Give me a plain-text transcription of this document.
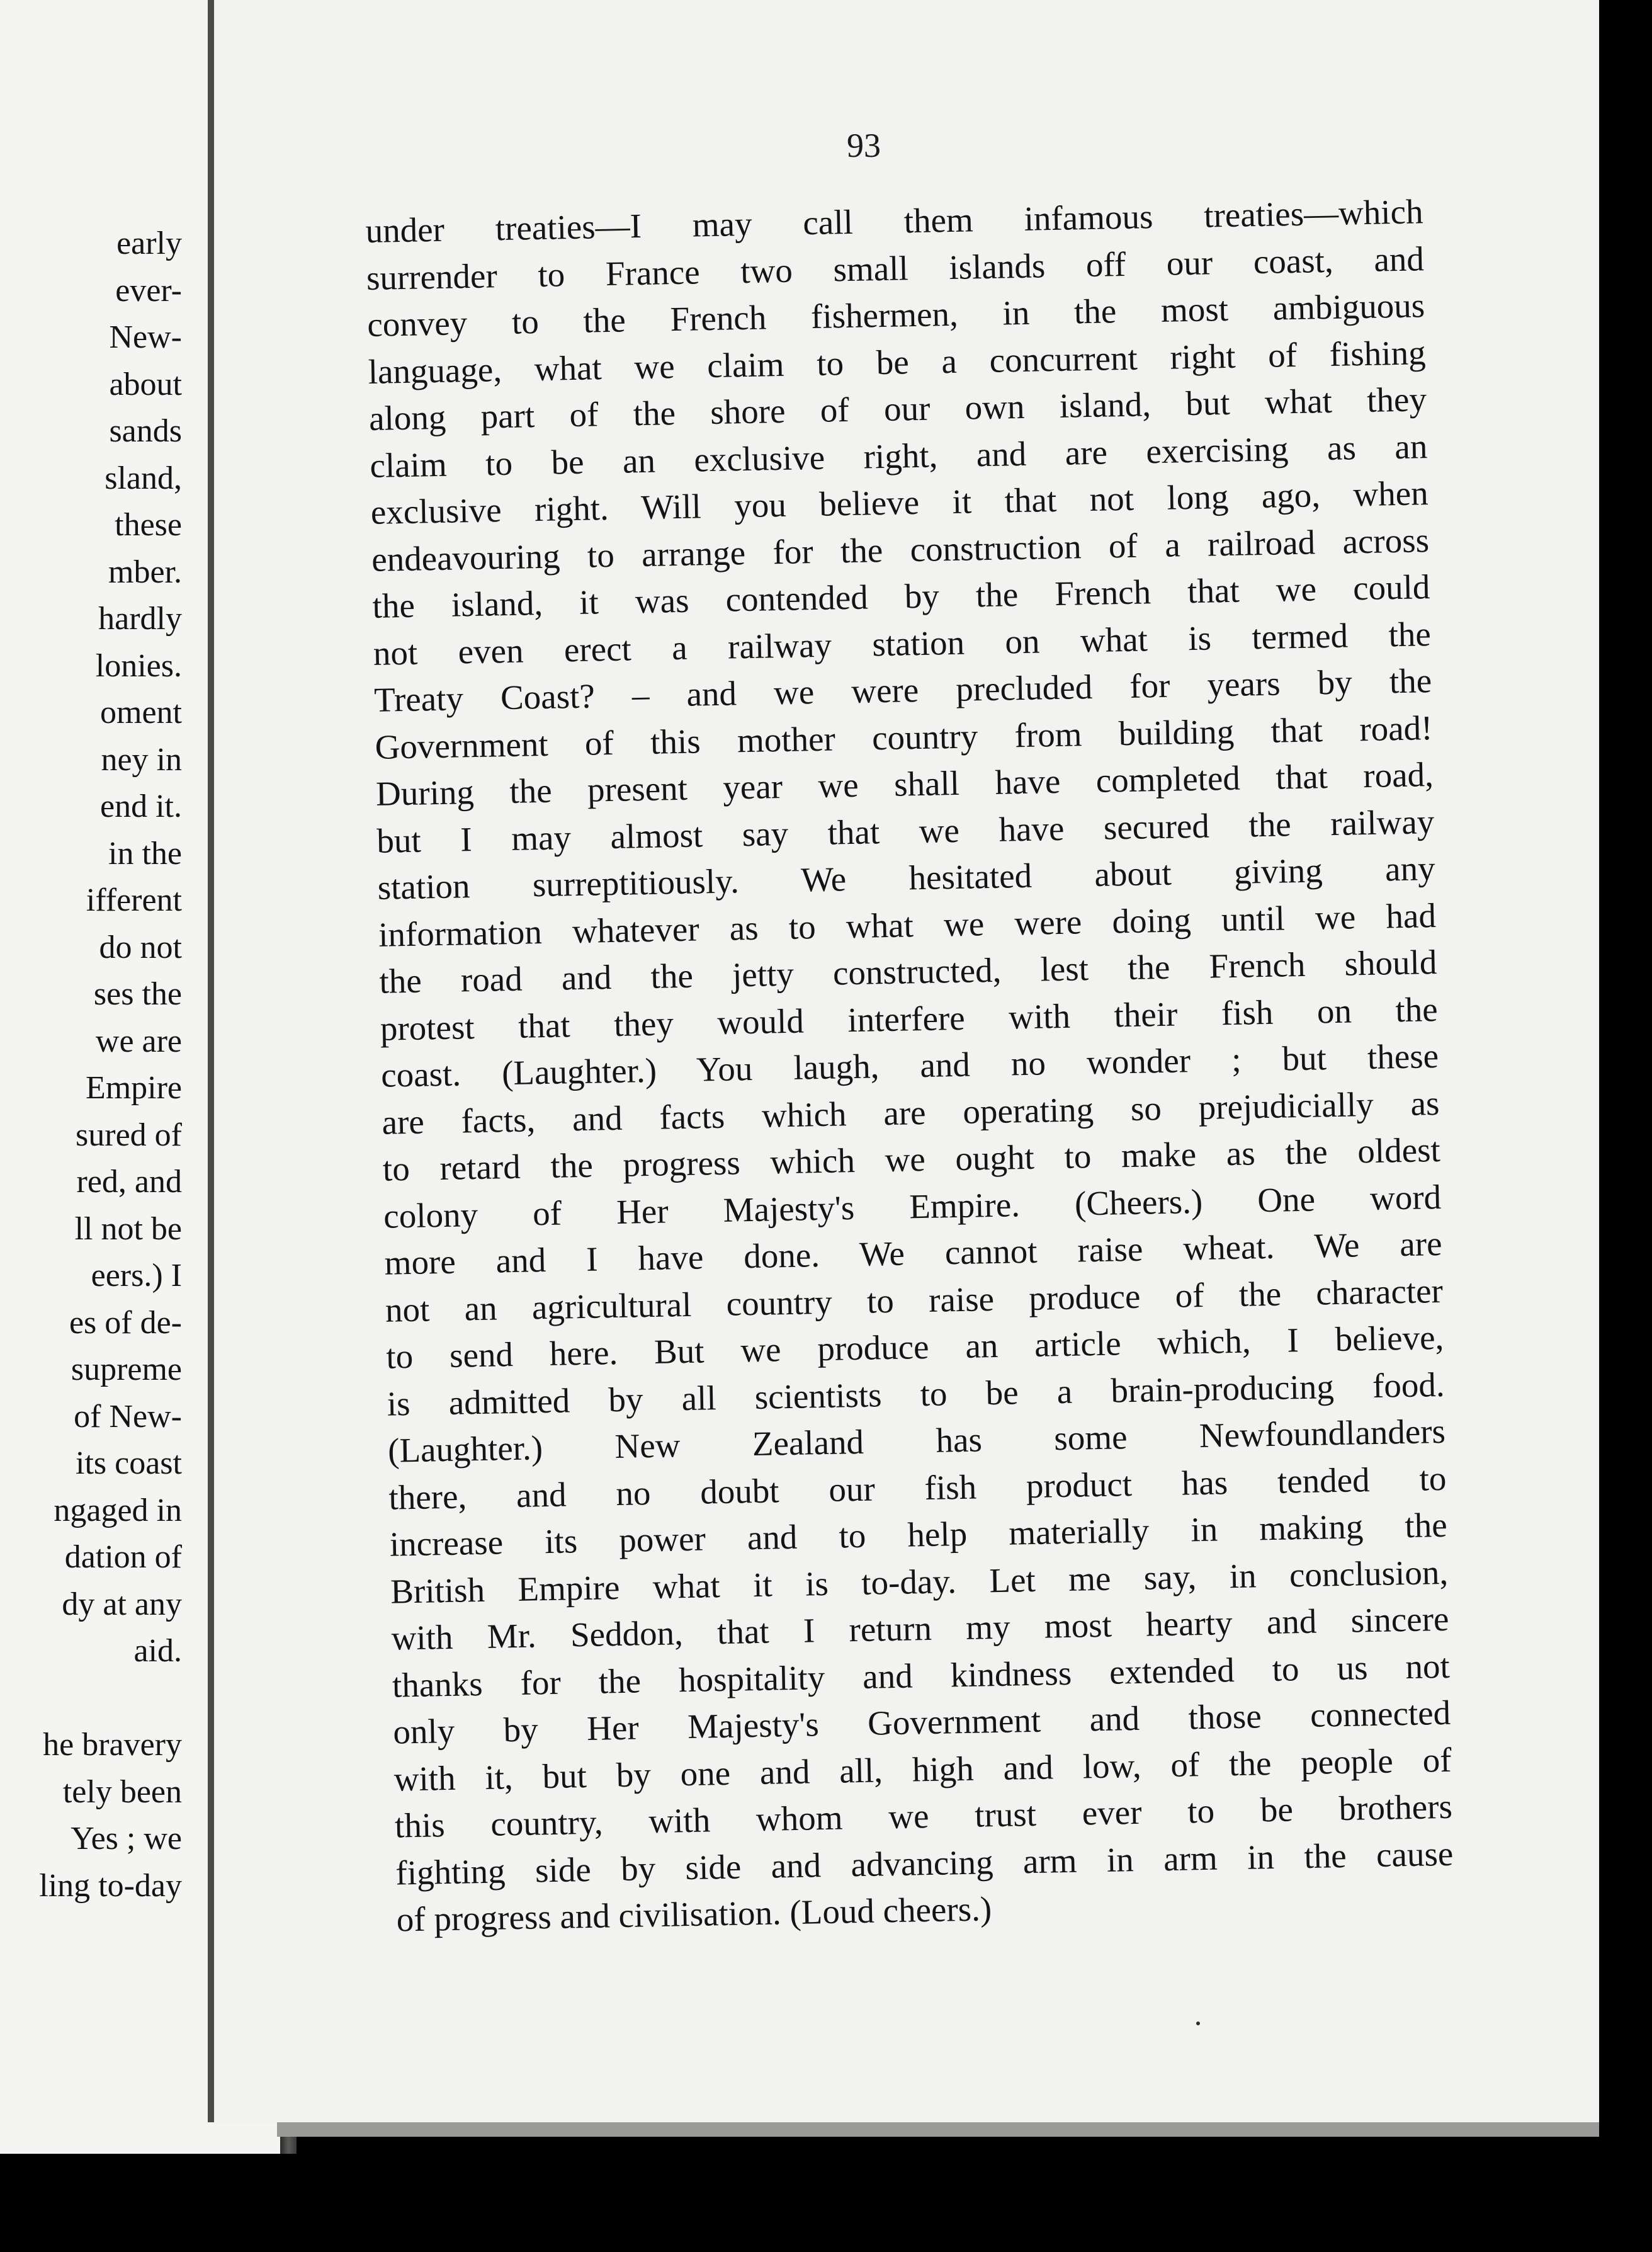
early
ever-
New-
about
sands
sland,
these
mber.
hardly
lonies.
oment
ney in
end it.
in the
ifferent
do not
ses the
we are
Empire
sured of
red, and
ll not be
eers.) I
es of de-
supreme
of New-
its coast
ngaged in
dation of
dy at any
aid.
he bravery
tely been
Yes ; we
ling to-day
93
under treaties—I may call them infamous treaties—which
surrender to France two small islands off our coast, and
convey to the French fishermen, in the most ambiguous
language, what we claim to be a concurrent right of fishing
along part of the shore of our own island, but what they
claim to be an exclusive right, and are exercising as an
exclusive right. Will you believe it that not long ago, when
endeavouring to arrange for the construction of a railroad across
the island, it was contended by the French that we could
not even erect a railway station on what is termed the
Treaty Coast? – and we were precluded for years by the
Government of this mother country from building that road!
During the present year we shall have completed that road,
but I may almost say that we have secured the railway
station surreptitiously. We hesitated about giving any
information whatever as to what we were doing until we had
the road and the jetty constructed, lest the French should
protest that they would interfere with their fish on the
coast. (Laughter.) You laugh, and no wonder ; but these
are facts, and facts which are operating so prejudicially as
to retard the progress which we ought to make as the oldest
colony of Her Majesty's Empire. (Cheers.) One word
more and I have done. We cannot raise wheat. We are
not an agricultural country to raise produce of the character
to send here. But we produce an article which, I believe,
is admitted by all scientists to be a brain-producing food.
(Laughter.) New Zealand has some Newfoundlanders
there, and no doubt our fish product has tended to
increase its power and to help materially in making the
British Empire what it is to-day. Let me say, in conclusion,
with Mr. Seddon, that I return my most hearty and sincere
thanks for the hospitality and kindness extended to us not
only by Her Majesty's Government and those connected
with it, but by one and all, high and low, of the people of
this country, with whom we trust ever to be brothers
fighting side by side and advancing arm in arm in the cause
of progress and civilisation. (Loud cheers.)
